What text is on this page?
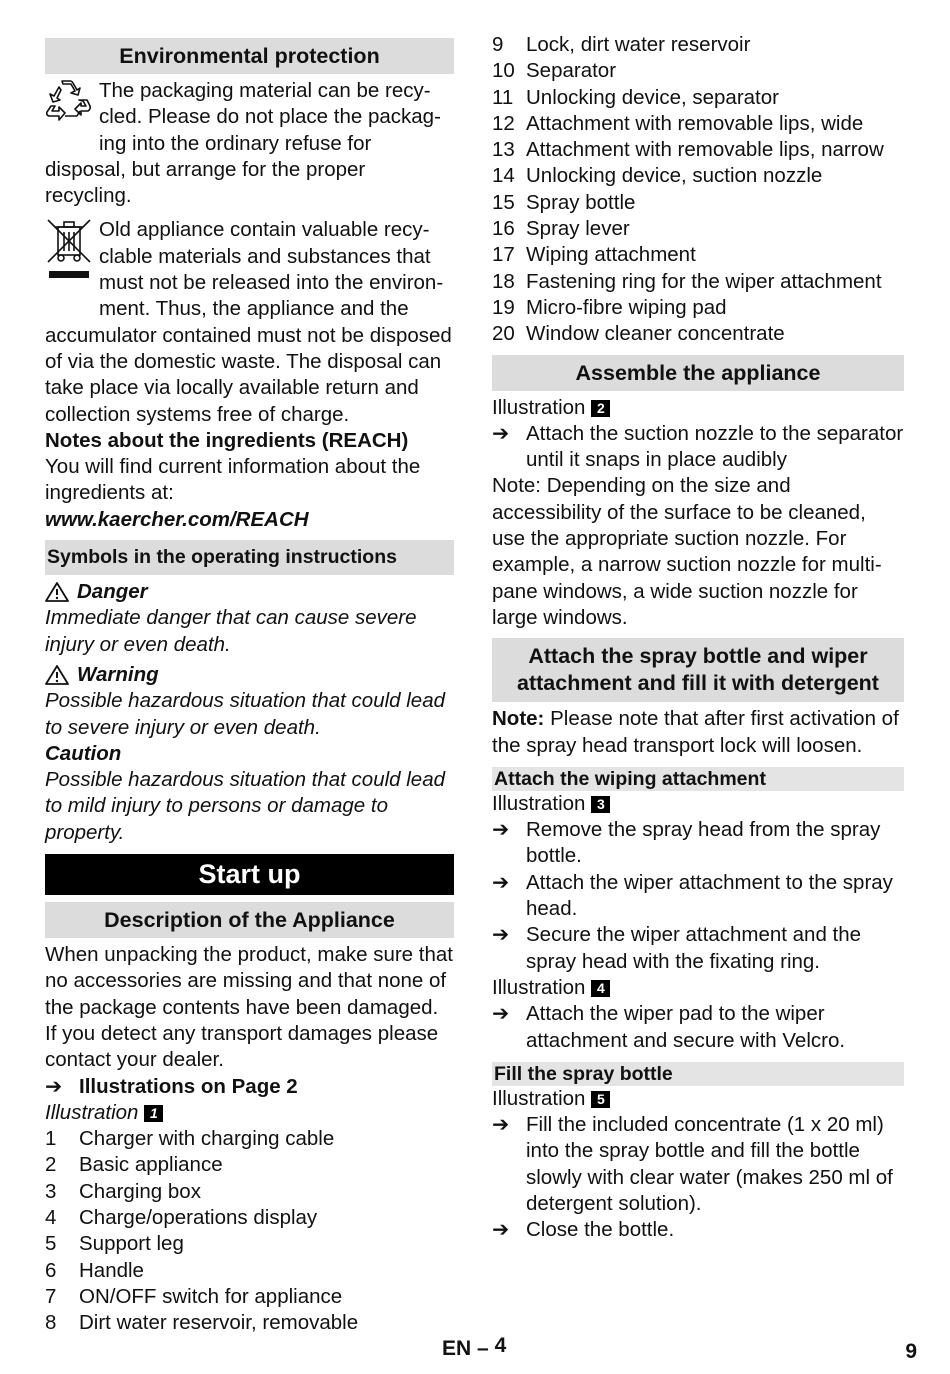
Environmental protection

The packaging material can be recy-
cled. Please do not place the packag- ing into the ordinary refuse for disposal, but arrange for the proper recycling.

Old appliance contain valuable recy-
clable materials and substances that
must not be released into the environ- ment. Thus, the appliance and the accumulator contained must not be disposed of via the domestic waste. The disposal can take place via locally available return and collection systems free of charge.

Notes about the ingredients (REACH)

You will find current information about the ingredients at:

www.kaercher.com/REACH

Symbols in the operating instructions
Danger

Immediate danger that can cause severe injury or even death.

Warning

Possible hazardous situation that could lead to severe injury or even death.

Caution

Possible hazardous situation that could lead to mild injury to persons or damage to property.

Start up
Description of the Appliance

When unpacking the product, make sure that no accessories are missing and that none of the package contents have been damaged. If you detect any transport damages please contact your dealer.

➔ Illustrations on Page 2

Illustration 1

1	Charger with charging cable
2	Basic appliance
3	Charging box
4	Charge/operations display
5	Support leg
6	Handle
7	ON/OFF switch for appliance
8	Dirt water reservoir, removable
9	Lock, dirt water reservoir
10 Separator
11 Unlocking device, separator
12 Attachment with removable lips, wide
13 Attachment with removable lips, narrow
14 Unlocking device, suction nozzle
15 Spray bottle
16 Spray lever
17 Wiping attachment
18 Fastening ring for the wiper attachment
19 Micro-fibre wiping pad
20 Window cleaner concentrate
Assemble the appliance

Illustration 2

➔ Attach the suction nozzle to the separator until it snaps in place audibly

Note: Depending on the size and accessibility of the surface to be cleaned, use the appropriate suction nozzle. For example, a narrow suction nozzle for multi-pane windows, a wide suction nozzle for large windows.

Attach the spray bottle and wiper
attachment and fill it with detergent

Note: Please note that after first activation of the spray head transport lock will loosen.

Attach the wiping attachment

Illustration 3

➔ Remove the spray head from the spray bottle.
➔ Attach the wiper attachment to the spray head.
➔ Secure the wiper attachment and the spray head with the fixating ring.

Illustration 4

➔ Attach the wiper pad to the wiper attachment and secure with Velcro.
Fill the spray bottle

Illustration 5

➔ Fill the included concentrate (1 x 20 ml) into the spray bottle and fill the bottle slowly with clear water (makes 250 ml of detergent solution).
➔ Close the bottle.
EN – 4	9
